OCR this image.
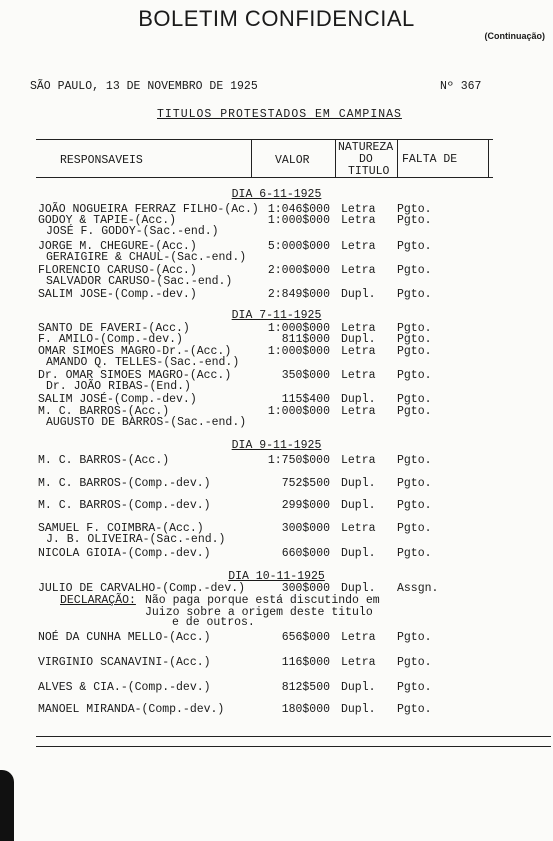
BOLETIM CONFIDENCIAL
(Continuação)
SÃO PAULO, 13 DE NOVEMBRO DE 1925	Nº 367
TITULOS PROTESTADOS EM CAMPINAS
RESPONSAVEIS	VALOR
NATUREZA
DO
TITULO
FALTA DE
DIA 6-11-1925
JOÃO NOGUEIRA FERRAZ FILHO-(Ac.) 1:046$000 Letra Pgto.
GODOY & TAPIE-(Acc.)	1:000$000 Letra Pgto.
JOSÉ F. GODOY-(Sac.-end.)
JORGE M. CHEGURE-(Acc.)	5:000$000 Letra Pgto.
GERAIGIRE & CHAUL-(Sac.-end.)
FLORENCIO CARUSO-(Acc.)	2:000$000 Letra Pgto.
SALVADOR CARUSO-(Sac.-end.)
SALIM JOSE-(Comp.-dev.)	2:849$000 Dupl. Pgto.
DIA 7-11-1925
SANTO DE FAVERI-(Acc.)	1:000$000 Letra Pgto.
F. AMILO-(Comp.-dev.)	811$000 Dupl. Pgto.
OMAR SIMOES MAGRO-Dr.-(Acc.)	1:000$000 Letra Pgto.
AMANDO Q. TELLES-(Sac.-end.)
Dr. OMAR SIMOES MAGRO-(Acc.)	350$000 Letra Pgto.
Dr. JOÃO RIBAS-(End.)
SALIM JOSÉ-(Comp.-dev.)	115$400 Dupl. Pgto.
M. C. BARROS-(Acc.)	1:000$000 Letra Pgto.
AUGUSTO DE BARROS-(Sac.-end.)
DIA 9-11-1925
M. C. BARROS-(Acc.)	1:750$000 Letra Pgto.
M. C. BARROS-(Comp.-dev.)	752$500 Dupl. Pgto.
M. C. BARROS-(Comp.-dev.)	299$000 Dupl. Pgto.
SAMUEL F. COIMBRA-(Acc.)	300$000 Letra Pgto.
J. B. OLIVEIRA-(Sac.-end.)
NICOLA GIOIA-(Comp.-dev.)	660$000 Dupl. Pgto.
DIA 10-11-1925
JULIO DE CARVALHO-(Comp.-dev.)	300$000 Dupl. Assgn.
DECLARAÇÃO: Não paga porque está discutindo em
Juizo sobre a origem deste titulo
e de outros.
NOÉ DA CUNHA MELLO-(Acc.)	656$000 Letra Pgto.
VIRGINIO SCANAVINI-(Acc.)	116$000 Letra Pgto.
ALVES & CIA.-(Comp.-dev.)	812$500 Dupl. Pgto.
MANOEL MIRANDA-(Comp.-dev.)	180$000 Dupl. Pgto.
